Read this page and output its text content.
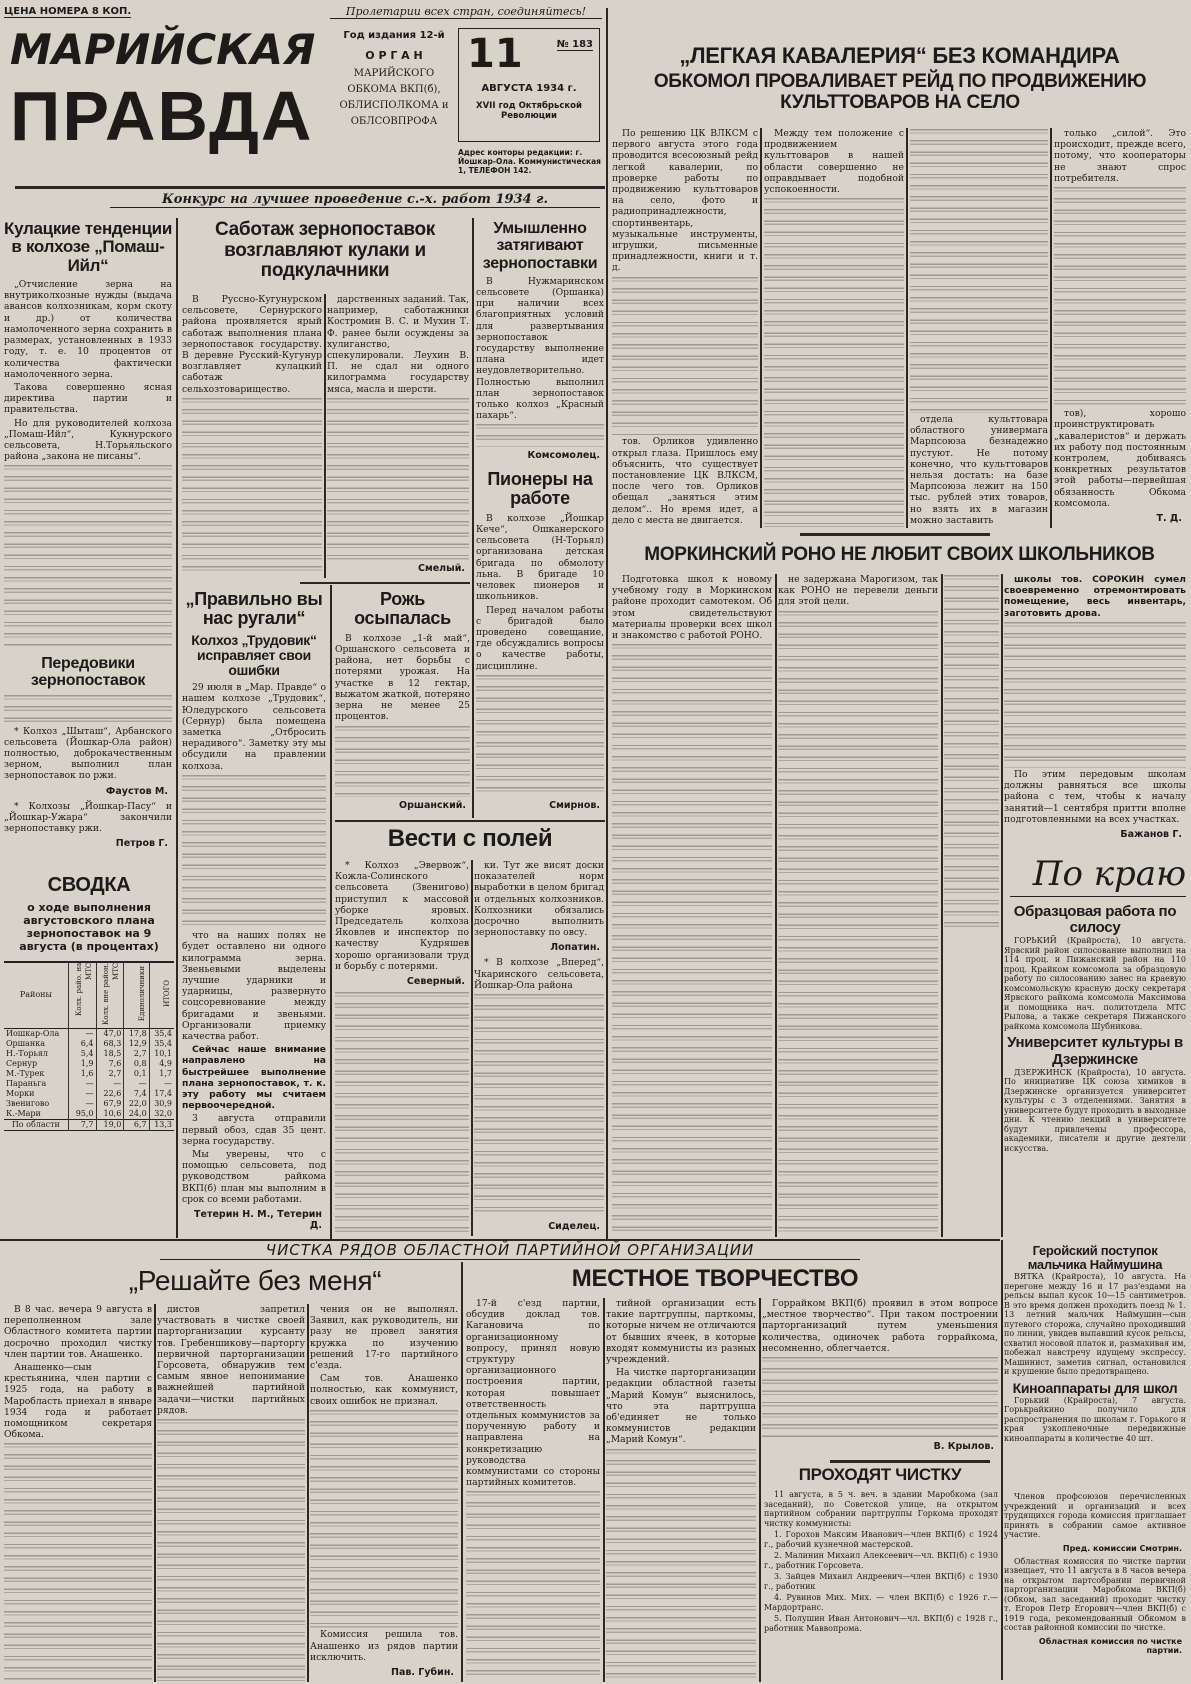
ЦЕНА НОМЕРА 8 КОП.	Пролетарии всех стран, соединяйтесь!
МАРИЙСКАЯ
ПРАВДА
Год издания 12-й
О Р Г А Н
МАРИЙСКОГО
ОБКОМА ВКП(б),
ОБЛИСПОЛКОМА и
ОБЛСОВПРОФА
11	№ 183
АВГУСТА 1934 г.
XVII год Октябрьской Революции
Адрес конторы редакции: г. Йошкар-Ола. Коммунистическая 1, ТЕЛЕФОН 142.
Конкурс на лучшее проведение с.-х. работ 1934 г.
„ЛЕГКАЯ КАВАЛЕРИЯ“ БЕЗ КОМАНДИРА
ОБКОМОЛ ПРОВАЛИВАЕТ РЕЙД ПО ПРОДВИЖЕНИЮ КУЛЬТТОВАРОВ НА СЕЛО

По решению ЦК ВЛКСМ с первого августа этого года проводится всесоюзный рейд легкой кавалерии, по проверке работы по продвижению культтоваров на село, фото и радиопринадлежности, спортинвентарь, музыкальные инструменты, игрушки, письменные принадлежности, книги и т. д.

тов. Орликов удивленно открыл глаза. Пришлось ему объяснить, что существует постановление ЦК ВЛКСМ, после чего тов. Орликов обещал „заняться этим делом“.. Но время идет, а дело с места не двигается.

Между тем положение с продвижением культтоваров в нашей области совершенно не оправдывает подобной успокоенности.

отдела культтовара областного универмага Марпсоюза безнадежно пустуют. Не потому конечно, что культтоваров нельзя достать: на базе Марпсоюза лежит на 150 тыс. рублей этих товаров, но взять их в магазин можно заставить

только „силой“. Это происходит, прежде всего, потому, что кооператоры не знают спрос потребителя.

тов), хорошо проинструктировать „кавалеристов“ и держать их работу под постоянным контролем, добиваясь конкретных результатов этой работы—первейшая обязанность Обкома комсомола.

Т. Д.
Кулацкие тенденции в колхозе „Помаш-Ийл“

„Отчисление зерна на внутриколхозные нужды (выдача авансов колхозникам, корм скоту и др.) от количества намолоченного зерна сохранить в размерах, установленных в 1933 году, т. е. 10 процентов от количества фактически намолоченного зерна.

Такова совершенно ясная директива партии и правительства.

Но для руководителей колхоза „Помаш-Ийл“, Кукнурского сельсовета, Н.Торьяльского района „закона не писаны“.

Передовики зернопоставок

* Колхоз „Шыташ“, Арбанского сельсовета (Йошкар-Ола район) полностью, доброкачественным зерном, выполнил план зернопоставок по ржи.

Фаустов М.

* Колхозы „Йошкар-Пасу“ и „Йошкар-Ужара“ закончили зернопоставку ржи.

Петров Г.
СВОДКА
о ходе выполнения августовского плана зернопоставок на 9 августа (в процентах)
Районы	Колх. райо. на МТС	Колх. вне район. МТС	Единоличники	ИТОГО
Йошкар-Ола	—	47,0	17,8	35,4
Оршанка	6,4	68,3	12,9	35,4
Н.-Торьял	5,4	18,5	2,7	10,1
Сернур	1,9	7,6	0,8	4,9
М.-Турек	1,6	2,7	0,1	1,7
Параньга	—	—	—	—
Морки	—	22,6	7,4	17,4
Звенигово	—	67,9	22,0	30,9
К.-Мари	95,0	10,6	24,0	32,0
По области	7,7	19,0	6,7	13,3
Саботаж зернопоставок возглавляют кулаки и подкулачники

В Руссно-Кугунурском сельсовете, Сернурского района проявляется ярый саботаж выполнения плана зернопоставок государству. В деревне Русский-Кугунур возглавляет кулацкий саботаж сельхозтоварищество.

дарственных заданий. Так, например, саботажники Костромин В. С. и Мухин Т. Ф. ранее были осуждены за хулиганство, спекулировали. Леухин В. П. не сдал ни одного килограмма государству мяса, масла и шерсти.

Смелый.
Умышленно затягивают зернопоставки

В Нужмаринском сельсовете (Оршанка) при наличии всех благоприятных условий для развертывания зернопоставок государству выполнение плана идет неудовлетворительно. Полностью выполнил план зернопоставок только колхоз „Красный пахарь“.

Комсомолец.
Пионеры на работе

В колхозе „Йошкар Кече“, Ошканерского сельсовета (Н-Торьял) организована детская бригада по обмолоту льна. В бригаде 10 человек пионеров и школьников.

Перед началом работы с бригадой было проведено совещание, где обсуждались вопросы о качестве работы, дисциплине.

Смирнов.
„Правильно вы нас ругали“
Колхоз „Трудовик“ исправляет свои ошибки

29 июля в „Мар. Правде“ о нашем колхозе „Трудовик“, Юледурского сельсовета (Сернур) была помещена заметка „Отбросить нерадивого“. Заметку эту мы обсудили на правлении колхоза.

что на наших полях не будет оставлено ни одного килограмма зерна. Звеньевыми выделены лучшие ударники и ударницы, развернуто соцсоревнование между бригадами и звеньями. Организовали приемку качества работ.

Сейчас наше внимание направлено на быстрейшее выполнение плана зернопоставок, т. к. эту работу мы считаем первоочередной.

3 августа отправили первый обоз, сдав 35 цент. зерна государству.

Мы уверены, что с помощью сельсовета, под руководством райкома ВКП(б) план мы выполним в срок со всеми работами.

Тетерин Н. М., Тетерин Д.
Рожь осыпалась

В колхозе „1-й май“, Оршанского сельсовета и района, нет борьбы с потерями урожая. На участке в 12 гектар, выжатом жаткой, потеряно зерна не менее 25 процентов.

Оршанский.
Вести с полей

* Колхоз „Эвервож“, Кожла-Солинского сельсовета (Звенигово) приступил к массовой уборке яровых. Председатель колхоза Яковлев и инспектор по качеству Кудряшев хорошо организовали труд и борьбу с потерями.

Северный.

ки. Тут же висят доски показателей норм выработки в целом бригад и отдельных колхозников. Колхозники обязались досрочно выполнить зернопоставку по овсу.

Лопатин.

* В колхозе „Вперед“, Чкаринского сельсовета, Йошкар-Ола района

Сиделец.
МОРКИНСКИЙ РОНО НЕ ЛЮБИТ СВОИХ ШКОЛЬНИКОВ

Подготовка школ к новому учебному году в Моркинском районе проходит самотеком. Об этом свидетельствуют материалы проверки всех школ и знакомство с работой РОНО.

не задержана Марогизом, так как РОНО не перевели деньги для этой цели.

школы тов. СОРОКИН сумел своевременно отремонтировать помещение, весь инвентарь, заготовить дрова.

По этим передовым школам должны равняться все школы района с тем, чтобы к началу занятий—1 сентября притти вполне подготовленными на всех участках.

Бажанов Г.
По краю
Образцовая работа по силосу

ГОРЬКИЙ (Крайроста), 10 августа. Ярвский район силосование выполнил на 114 проц. и Пижанский район на 110 проц. Крайком комсомола за образцовую работу по силосованию занес на краевую комсомольскую красную доску секретаря Ярвского райкома комсомола Максимова и помощника нач. политотдела МТС Рылова, а также секретаря Пижанского райкома комсомола Шубникова.

Университет культуры в Дзержинске

ДЗЕРЖИНСК (Крайроста), 10 августа. По инициативе ЦК союза химиков в Дзержинске организуется университет культуры с 3 отделениями. Занятия в университете будут проходить в выходные дни. К чтению лекций в университете будут привлечены профессора, академики, писатели и другие деятели искусства.

Геройский поступок мальчика Наймушина

ВЯТКА (Крайроста), 10 августа. На перегоне между 16 и 17 раз'ездами на рельсы выпал кусок 10—15 сантиметров. В это время должен проходить поезд № 1. 13 летний мальчик Наймушин—сын путевого сторожа, случайно проходивший по линии, увидев выпавший кусок рельсы, схватил носовой платок и, размахивая им, побежал навстречу идущему экспрессу. Машинист, заметив сигнал, остановился и крушение было предотвращено.

Киноаппараты для школ

Горький (Крайроста), 7 августа. Горькрайкино получило для распространения по школам г. Горького и края узкопленочные передвижные киноаппараты в количестве 40 шт.

ЧИСТКА РЯДОВ ОБЛАСТНОЙ ПАРТИЙНОЙ ОРГАНИЗАЦИИ
„Решайте без меня“

В 8 час. вечера 9 августа в переполненном зале Областного комитета партии досрочно проходил чистку член партии тов. Анашенко.

Анашенко—сын крестьянина, член партии с 1925 года, на работу в Маробласть приехал в январе 1934 года и работает помощником секретаря Обкома.

дистов запретил участвовать в чистке своей парторганизации курсанту тов. Гребеншикову—парторгу первичной парторганизации Горсовета, обнаружив тем самым явное непонимание важнейшей партийной задачи—чистки партийных рядов.

чения он не выполнял. Заявил, как руководитель, ни разу не провел занятия кружка по изучению решений 17-го партийного с'езда.

Сам тов. Анашенко полностью, как коммунист, своих ошибок не признал.

Комиссия решила тов. Анашенко из рядов партии исключить.

Пав. Губин.
МЕСТНОЕ ТВОРЧЕСТВО

17-й с'езд партии, обсудив доклад тов. Кагановича по организационному вопросу, принял новую структуру организационного построения партии, которая повышает ответственность отдельных коммунистов за порученную работу и направлена на конкретизацию руководства коммунистами со стороны партийных комитетов.

тийной организации есть такие партгруппы, парткомы, которые ничем не отличаются от бывших ячеек, в которые входят коммунисты из разных учреждений.

На чистке парторганизации редакции областной газеты „Марий Комун“ выяснилось, что эта партгруппа об'единяет не только коммунистов редакции „Марий Комун“.

Горрайком ВКП(б) проявил в этом вопросе „местное творчество“. При таком построении парторганизаций путем уменьшения количества, одиночек работа горрайкома, несомненно, облегчается.

В. Крылов.
ПРОХОДЯТ ЧИСТКУ

11 августа, в 5 ч. веч. в здании Маробкома (зал заседаний), по Советской улице, на открытом партийном собрании партгруппы Горкома проходят чистку коммунисты:

1. Горохов Максим Иванович—член ВКП(б) с 1924 г., рабочий кузнечной мастерской.

2. Малинин Михаил Алексеевич—чл. ВКП(б) с 1930 г., работник Горсовета.

3. Зайцев Михаил Андреевич—член ВКП(б) с 1930 г., работник

4. Рувинов Мих. Мих. — член ВКП(б) с 1926 г.—Мардортранс.

5. Полушин Иван Антонович—чл. ВКП(б) с 1928 г., работник Маввопрома.

Членов профсоюзов перечисленных учреждений и организаций и всех трудящихся города комиссия приглашает принять в собрании самое активное участие.

Пред. комиссии Смотрин.

Областная комиссия по чистке партии извещает, что 11 августа в 8 часов вечера на открытом партсобрании первичной парторганизации Маробкома ВКП(б) (Обком, зал заседаний) проходит чистку т. Егоров Петр Егорович—член ВКП(б) с 1919 года, рекомендованный Обкомом в состав районной комиссии по чистке.

Областная комиссия по чистке партии.
